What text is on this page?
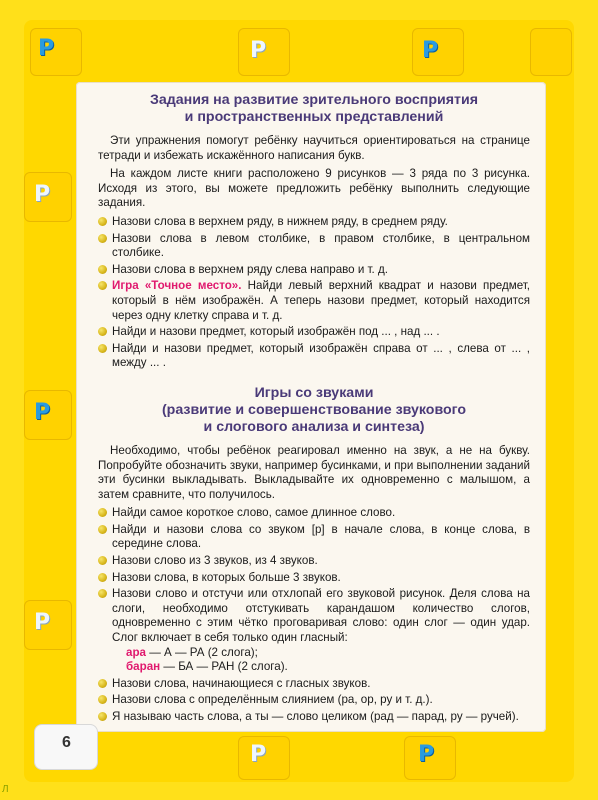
Р	Р	Р
Р
Р
Р
Р	Р
Задания на развитие зрительного восприятия
и пространственных представлений

Эти упражнения помогут ребёнку научиться ориентироваться на странице тетради и избежать искажённого написания букв.

На каждом листе книги расположено 9 рисунков — 3 ряда по 3 рисунка. Исходя из этого, вы можете предложить ребёнку выполнить следующие задания.

Назови слова в верхнем ряду, в нижнем ряду, в среднем ряду.
Назови слова в левом столбике, в правом столбике, в центральном столбике.
Назови слова в верхнем ряду слева направо и т. д.
Игра «Точное место». Найди левый верхний квадрат и назови предмет, который в нём изображён. А теперь назови предмет, который находится через одну клетку справа и т. д.
Найди и назови предмет, который изображён под ... , над ... .
Найди и назови предмет, который изображён справа от ... , слева от ... , между ... .
Игры со звуками
(развитие и совершенствование звукового
и слогового анализа и синтеза)

Необходимо, чтобы ребёнок реагировал именно на звук, а не на букву. Попробуйте обозначить звуки, например бусинками, и при выполнении заданий эти бусинки выкладывать. Выкладывайте их одновременно с малышом, а затем сравните, что получилось.

Найди самое короткое слово, самое длинное слово.
Найди и назови слова со звуком [р] в начале слова, в конце слова, в середине слова.
Назови слово из 3 звуков, из 4 звуков.
Назови слова, в которых больше 3 звуков.
Назови слово и отстучи или отхлопай его звуковой рисунок. Деля слова на слоги, необходимо отстукивать карандашом количество слогов, одновременно с этим чётко проговаривая слово: один слог — один удар. Слог включает в себя только один гласный:
ара — А — РА (2 слога);
баран — БА — РАН (2 слога).
Назови слова, начинающиеся с гласных звуков.
Назови слова с определённым слиянием (ра, ор, ру и т. д.).
Я называю часть слова, а ты — слово целиком (рад — парад, ру — ручей).
6
Л
